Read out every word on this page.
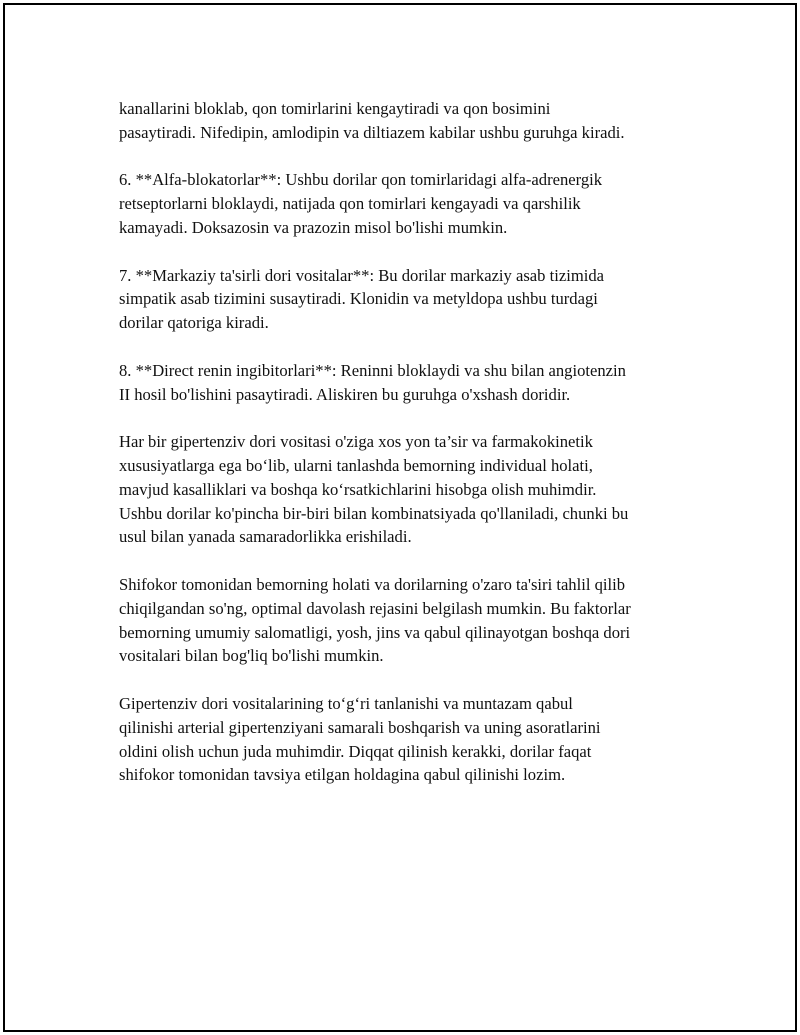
kanallarini bloklab, qon tomirlarini kengaytiradi va qon bosimini
pasaytiradi. Nifedipin, amlodipin va diltiazem kabilar ushbu guruhga kiradi.

6. **Alfa-blokatorlar**: Ushbu dorilar qon tomirlaridagi alfa-adrenergik
retseptorlarni bloklaydi, natijada qon tomirlari kengayadi va qarshilik
kamayadi. Doksazosin va prazozin misol bo'lishi mumkin.

7. **Markaziy ta'sirli dori vositalar**: Bu dorilar markaziy asab tizimida
simpatik asab tizimini susaytiradi. Klonidin va metyldopa ushbu turdagi
dorilar qatoriga kiradi.

8. **Direct renin ingibitorlari**: Reninni bloklaydi va shu bilan angiotenzin
II hosil bo'lishini pasaytiradi. Aliskiren bu guruhga o'xshash doridir.

Har bir gipertenziv dori vositasi o'ziga xos yon ta’sir va farmakokinetik
xususiyatlarga ega bo‘lib, ularni tanlashda bemorning individual holati,
mavjud kasalliklari va boshqa ko‘rsatkichlarini hisobga olish muhimdir.
Ushbu dorilar ko'pincha bir-biri bilan kombinatsiyada qo'llaniladi, chunki bu
usul bilan yanada samaradorlikka erishiladi.

Shifokor tomonidan bemorning holati va dorilarning o'zaro ta'siri tahlil qilib
chiqilgandan so'ng, optimal davolash rejasini belgilash mumkin. Bu faktorlar
bemorning umumiy salomatligi, yosh, jins va qabul qilinayotgan boshqa dori
vositalari bilan bog'liq bo'lishi mumkin.

Gipertenziv dori vositalarining to‘g‘ri tanlanishi va muntazam qabul
qilinishi arterial gipertenziyani samarali boshqarish va uning asoratlarini
oldini olish uchun juda muhimdir. Diqqat qilinish kerakki, dorilar faqat
shifokor tomonidan tavsiya etilgan holdagina qabul qilinishi lozim.
